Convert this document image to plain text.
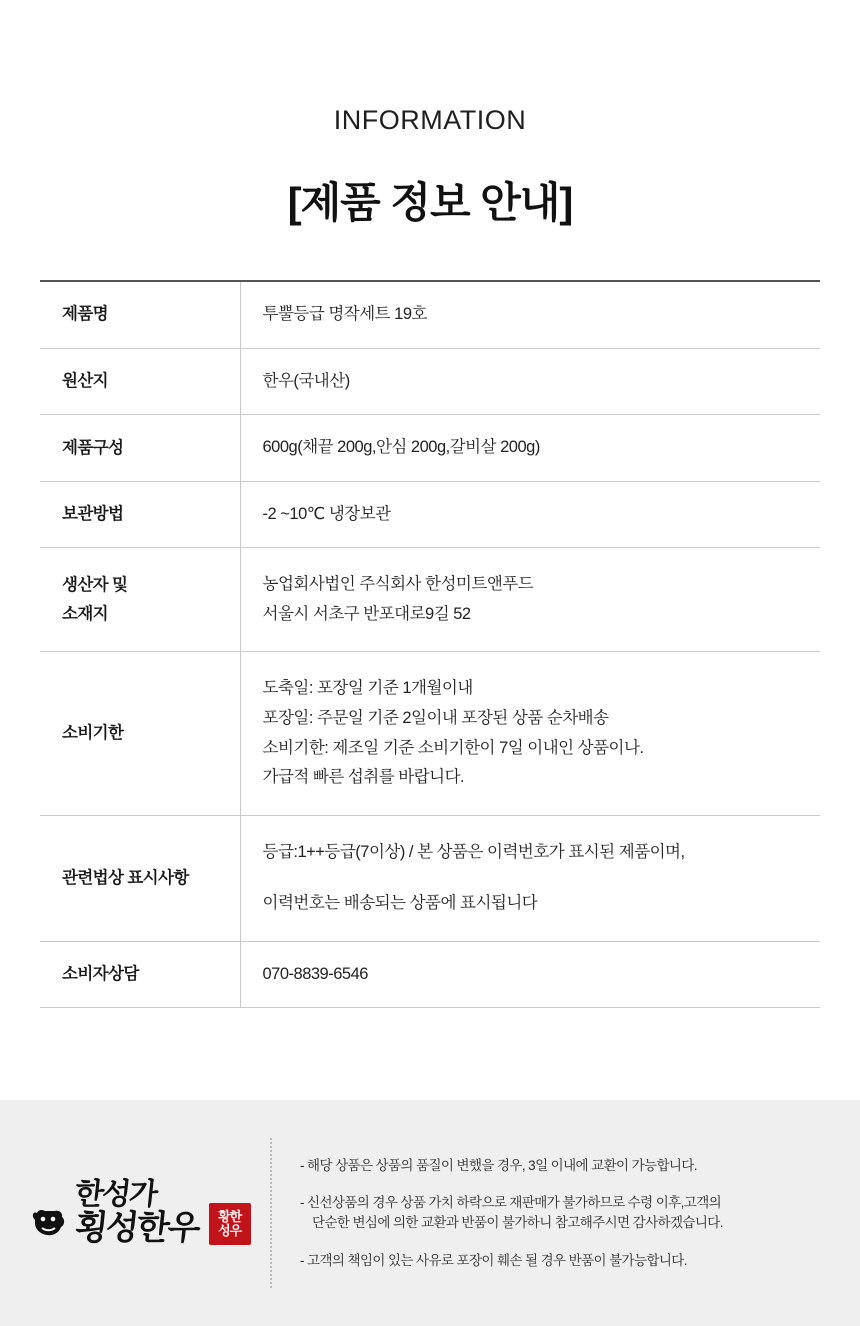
INFORMATION
[제품 정보 안내]
제품명	투뿔등급 명작세트 19호

원산지	한우(국내산)

제품구성	600g(채끝 200g,안심 200g,갈비살 200g)

보관방법	-2 ~10℃ 냉장보관

생산자 및
소재지	농업회사법인 주식회사 한성미트앤푸드
서울시 서초구 반포대로9길 52

소비기한	도축일: 포장일 기준 1개월이내
포장일: 주문일 기준 2일이내 포장된 상품 순차배송
소비기한: 제조일 기준 소비기한이 7일 이내인 상품이나.
가급적 빠른 섭취를 바랍니다.

관련법상 표시사항	등급:1++등급(7이상) / 본 상품은 이력번호가 표시된 제품이며,
이력번호는 배송되는 상품에 표시됩니다

소비자상담	070-8839-6546
한성가
횡성한우 황한
성우
- 해당 상품은 상품의 품질이 변했을 경우, 3일 이내에 교환이 가능합니다.
- 신선상품의 경우 상품 가치 하락으로 재판매가 불가하므로 수령 이후,고객의
단순한 변심에 의한 교환과 반품이 불가하니 참고해주시면 감사하겠습니다.
- 고객의 책임이 있는 사유로 포장이 훼손 될 경우 반품이 불가능합니다.
